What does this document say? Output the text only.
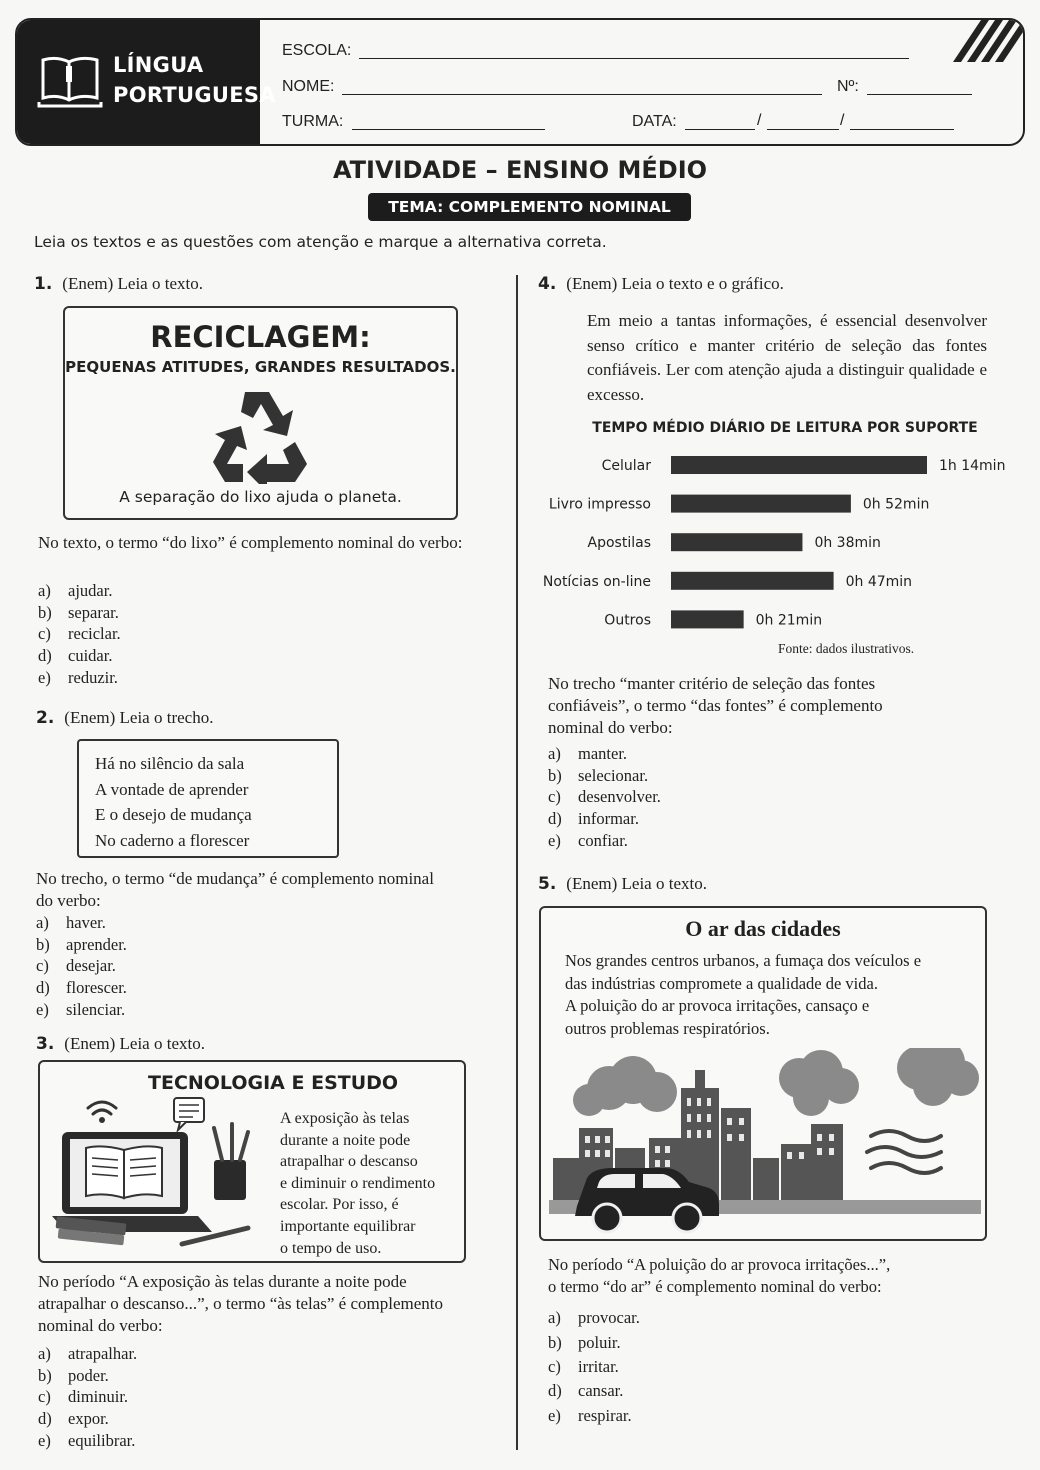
LÍNGUA
PORTUGUESA
ESCOLA:
NOME:	Nº:
TURMA:	DATA:	/	/
ATIVIDADE – ENSINO MÉDIO
TEMA: COMPLEMENTO NOMINAL
Leia os textos e as questões com atenção e marque a alternativa correta.
1. (Enem) Leia o texto.
RECICLAGEM:
PEQUENAS ATITUDES, GRANDES RESULTADOS.
A separação do lixo ajuda o planeta.
No texto, o termo “do lixo” é complemento nominal do verbo:
a)	ajudar.
b) separar.
c)	reciclar.
d) cuidar.
e)	reduzir.
2. (Enem) Leia o trecho.
Há no silêncio da sala
A vontade de aprender
E o desejo de mudança
No caderno a florescer
No trecho, o termo “de mudança” é complemento nominal do verbo:
a)	haver.
b) aprender.
c)	desejar.
d) florescer.
e)	silenciar.
3. (Enem) Leia o texto.
TECNOLOGIA E ESTUDO
A exposição às telas
durante a noite pode
atrapalhar o descanso
e diminuir o rendimento
escolar. Por isso, é
importante equilibrar
o tempo de uso.
No período “A exposição às telas durante a noite pode atrapalhar o descanso...”, o termo “às telas” é complemento nominal do verbo:
a)	atrapalhar.
b) poder.
c)	diminuir.
d) expor.
e)	equilibrar.
4. (Enem) Leia o texto e o gráfico.
Em meio a tantas informações, é essencial desenvolver senso crítico e manter critério de seleção das fontes confiáveis. Ler com atenção ajuda a distinguir qualidade e excesso.
TEMPO MÉDIO DIÁRIO DE LEITURA POR SUPORTE
Celular	1h 14min
Livro impresso	0h 52min
Apostilas	0h 38min
Notícias on-line	0h 47min
Outros	0h 21min
Fonte: dados ilustrativos.
No trecho “manter critério de seleção das fontes confiáveis”, o termo “das fontes” é complemento nominal do verbo:
a)	manter.
b) selecionar.
c)	desenvolver.
d) informar.
e)	confiar.
5. (Enem) Leia o texto.
O ar das cidades
Nos grandes centros urbanos, a fumaça dos veículos e
das indústrias compromete a qualidade de vida.
A poluição do ar provoca irritações, cansaço e
outros problemas respiratórios.
No período “A poluição do ar provoca irritações...”,
o termo “do ar” é complemento nominal do verbo:
a)	provocar.
b) poluir.
c)	irritar.
d) cansar.
e)	respirar.
